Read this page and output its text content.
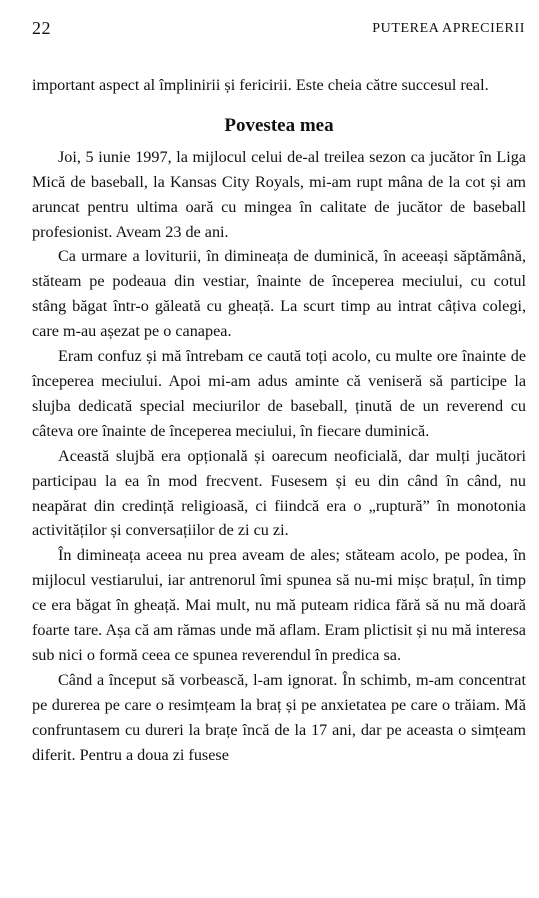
22	PUTEREA APRECIERII

important aspect al împlinirii și fericirii. Este cheia către succesul real.

Povestea mea

Joi, 5 iunie 1997, la mijlocul celui de-al treilea sezon ca jucător în Liga Mică de baseball, la Kansas City Royals, mi-am rupt mâna de la cot și am aruncat pentru ultima oară cu mingea în calitate de jucător de baseball profesionist. Aveam 23 de ani.

Ca urmare a loviturii, în dimineața de duminică, în aceeași săptămână, stăteam pe podeaua din vestiar, înainte de începerea meciului, cu cotul stâng băgat într-o găleată cu gheață. La scurt timp au intrat câțiva colegi, care m-au așezat pe o canapea.

Eram confuz și mă întrebam ce caută toți acolo, cu multe ore înainte de începerea meciului. Apoi mi-am adus aminte că veniseră să participe la slujba dedicată special meciurilor de baseball, ținută de un reverend cu câteva ore înainte de începerea meciului, în fiecare duminică.

Această slujbă era opțională și oarecum neoficială, dar mulți jucători participau la ea în mod frecvent. Fusesem și eu din când în când, nu neapărat din credință religioasă, ci fiindcă era o „ruptură” în monotonia activităților și conversațiilor de zi cu zi.

În dimineața aceea nu prea aveam de ales; stăteam acolo, pe podea, în mijlocul vestiarului, iar antrenorul îmi spunea să nu-mi mișc brațul, în timp ce era băgat în gheață. Mai mult, nu mă puteam ridica fără să nu mă doară foarte tare. Așa că am rămas unde mă aflam. Eram plictisit și nu mă interesa sub nici o formă ceea ce spunea reverendul în predica sa.

Când a început să vorbească, l-am ignorat. În schimb, m-am concentrat pe durerea pe care o resimțeam la braț și pe anxietatea pe care o trăiam. Mă confruntasem cu dureri la brațe încă de la 17 ani, dar pe aceasta o simțeam diferit. Pentru a doua zi fusese
